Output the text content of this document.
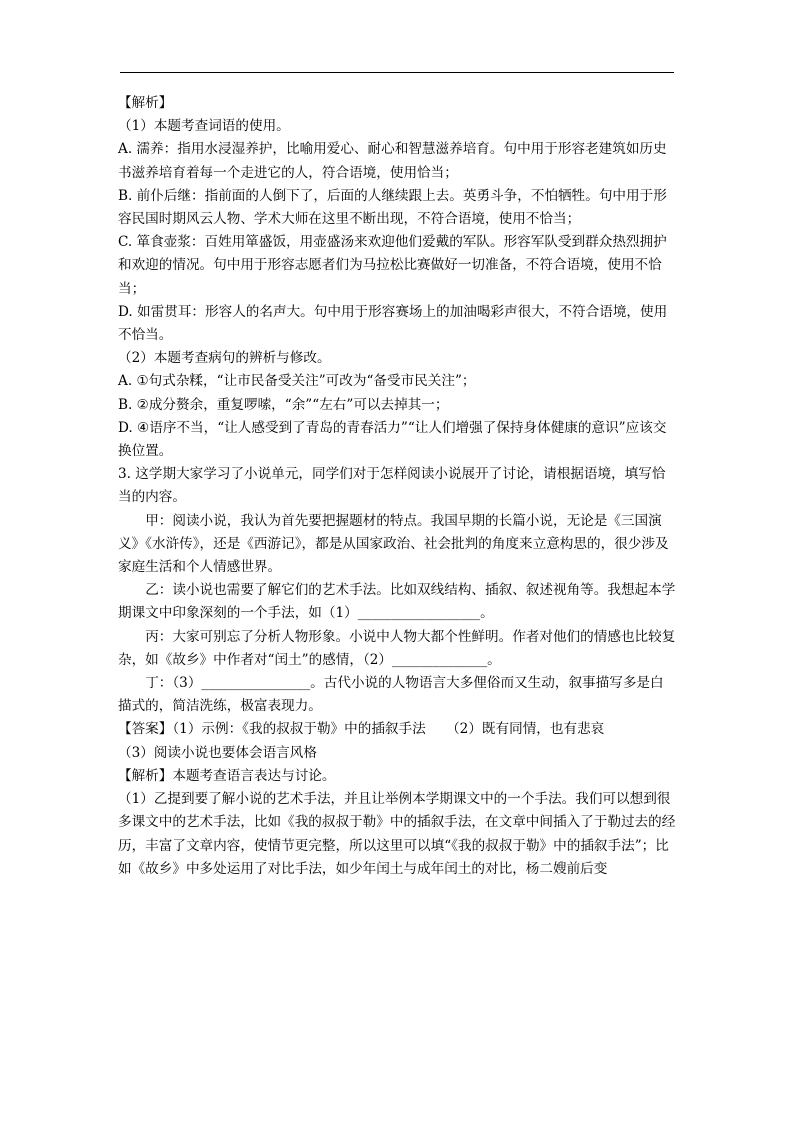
【解析】

（1）本题考查词语的使用。

A. 濡养：指用水浸湿养护，比喻用爱心、耐心和智慧滋养培育。句中用于形容老建筑如历史书滋养培育着每一个走进它的人，符合语境，使用恰当；

B. 前仆后继：指前面的人倒下了，后面的人继续跟上去。英勇斗争，不怕牺牲。句中用于形容民国时期风云人物、学术大师在这里不断出现，不符合语境，使用不恰当；

C. 箪食壶浆：百姓用箪盛饭，用壶盛汤来欢迎他们爱戴的军队。形容军队受到群众热烈拥护和欢迎的情况。句中用于形容志愿者们为马拉松比赛做好一切准备，不符合语境，使用不恰当；

D. 如雷贯耳：形容人的名声大。句中用于形容赛场上的加油喝彩声很大，不符合语境，使用不恰当。

（2）本题考查病句的辨析与修改。

A. ①句式杂糅，“让市民备受关注”可改为“备受市民关注”；

B. ②成分赘余，重复啰嗦，“余”“左右”可以去掉其一；

D. ④语序不当，“让人感受到了青岛的青春活力”“让人们增强了保持身体健康的意识”应该交换位置。

3. 这学期大家学习了小说单元，同学们对于怎样阅读小说展开了讨论，请根据语境，填写恰当的内容。

甲：阅读小说，我认为首先要把握题材的特点。我国早期的长篇小说，无论是《三国演义》《水浒传》，还是《西游记》，都是从国家政治、社会批判的角度来立意构思的，很少涉及家庭生活和个人情感世界。

乙：读小说也需要了解它们的艺术手法。比如双线结构、插叙、叙述视角等。我想起本学期课文中印象深刻的一个手法，如（1）__________________。

丙：大家可别忘了分析人物形象。小说中人物大都个性鲜明。作者对他们的情感也比较复杂，如《故乡》中作者对“闰土”的感情，（2）______________。

丁：（3）________________。古代小说的人物语言大多俚俗而又生动，叙事描写多是白描式的，简洁洗练，极富表现力。

【答案】（1）示例：《我的叔叔于勒》中的插叙手法　　（2）既有同情，也有悲哀

（3）阅读小说也要体会语言风格

【解析】本题考查语言表达与讨论。

（1）乙提到要了解小说的艺术手法，并且让举例本学期课文中的一个手法。我们可以想到很多课文中的艺术手法，比如《我的叔叔于勒》中的插叙手法，在文章中间插入了于勒过去的经历，丰富了文章内容，使情节更完整，所以这里可以填“《我的叔叔于勒》中的插叙手法”；比如《故乡》中多处运用了对比手法，如少年闰土与成年闰土的对比，杨二嫂前后变
